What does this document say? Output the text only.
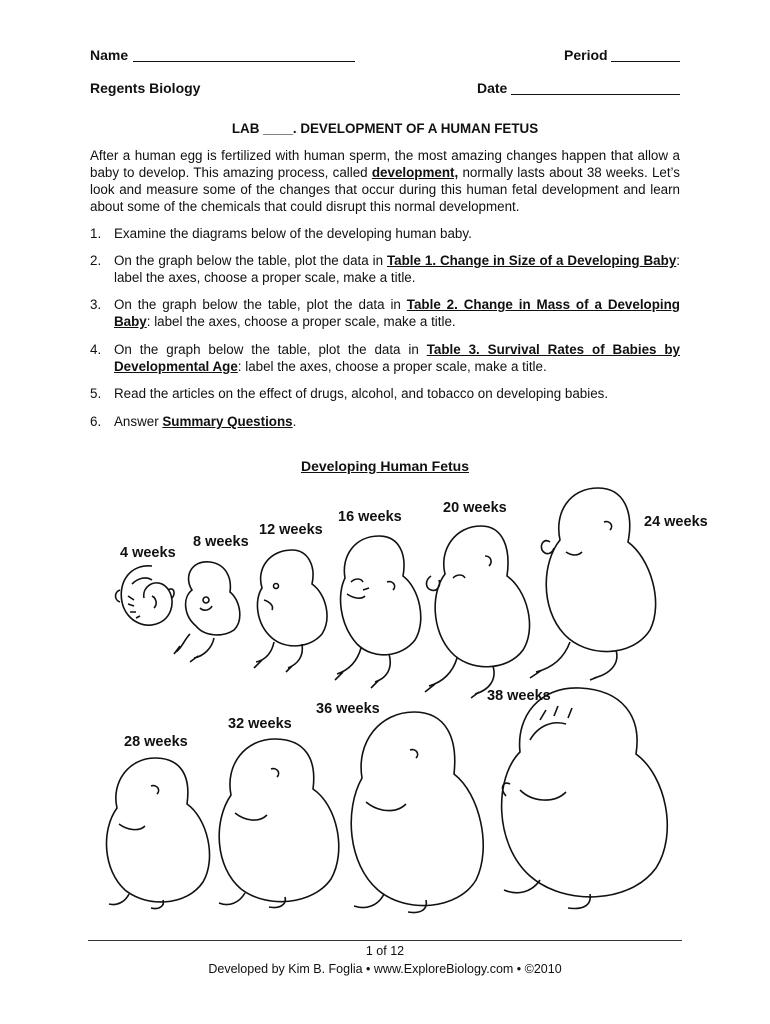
Name	Period
Regents Biology	Date
LAB ____. DEVELOPMENT OF A HUMAN FETUS
After a human egg is fertilized with human sperm, the most amazing changes happen that allow a baby to develop. This amazing process, called development, normally lasts about 38 weeks. Let’s look and measure some of the changes that occur during this human fetal development and learn about some of the chemicals that could disrupt this normal development.
1. Examine the diagrams below of the developing human baby.
2. On the graph below the table, plot the data in Table 1. Change in Size of a Developing Baby: label the axes, choose a proper scale, make a title.
3. On the graph below the table, plot the data in Table 2. Change in Mass of a Developing Baby: label the axes, choose a proper scale, make a title.
4. On the graph below the table, plot the data in Table 3. Survival Rates of Babies by Developmental Age: label the axes, choose a proper scale, make a title.
5. Read the articles on the effect of drugs, alcohol, and tobacco on developing babies.
6. Answer Summary Questions.
Developing Human Fetus
4 weeks
8 weeks
12 weeks
16 weeks
20 weeks
24 weeks
28 weeks
32 weeks
36 weeks
38 weeks
1 of 12
Developed by Kim B. Foglia • www.ExploreBiology.com • ©2010
